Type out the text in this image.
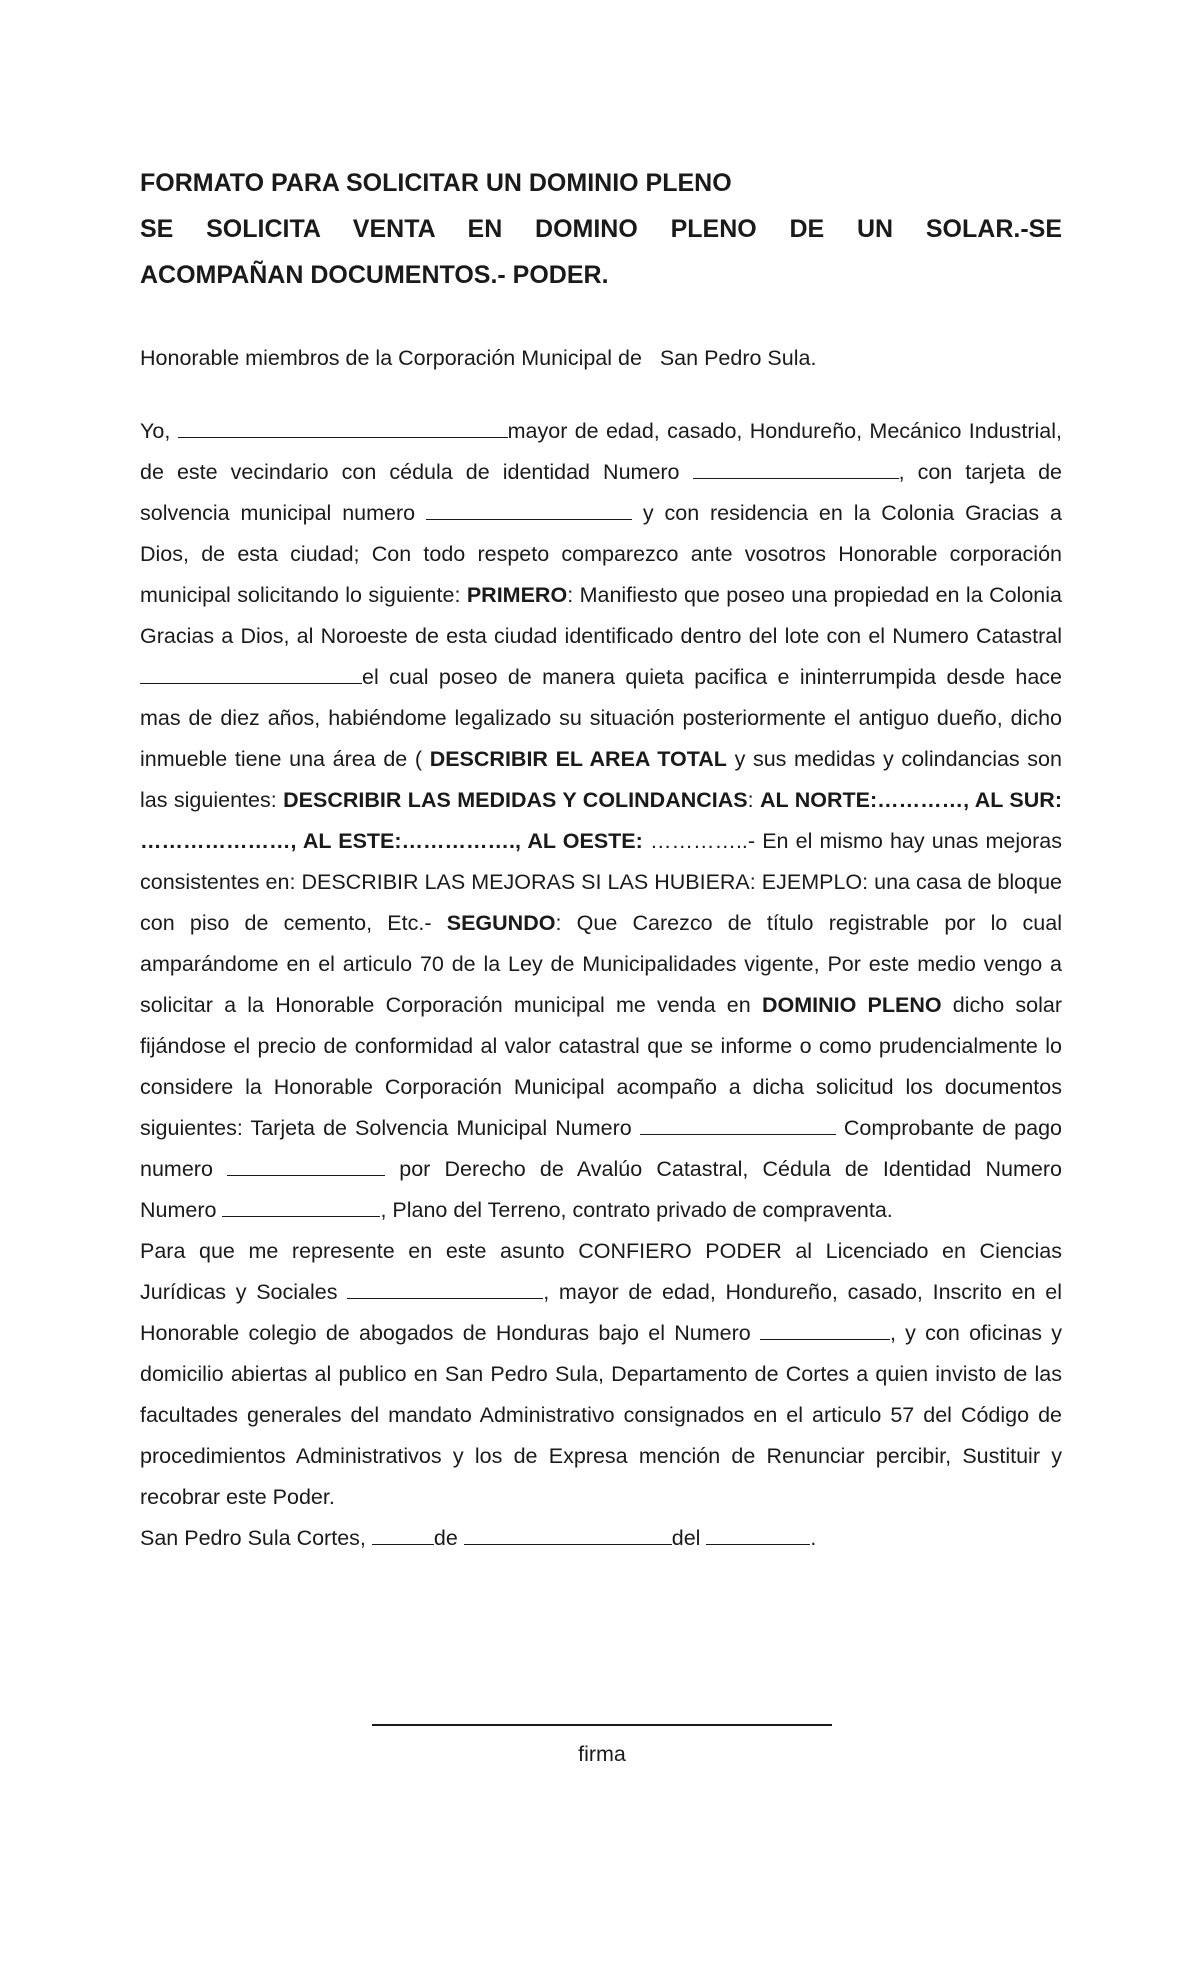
FORMATO PARA SOLICITAR UN DOMINIO PLENO

SE SOLICITA VENTA EN DOMINO PLENO DE UN SOLAR.-SE
ACOMPAÑAN DOCUMENTOS.- PODER.

Honorable miembros de la Corporación Municipal de   San Pedro Sula.

Yo,	mayor de edad, casado, Hondureño, Mecánico Industrial, de este vecindario con cédula de identidad Numero	, con tarjeta de solvencia municipal numero	y con residencia en la Colonia Gracias a Dios, de esta ciudad; Con todo respeto comparezco ante vosotros Honorable corporación municipal solicitando lo siguiente: PRIMERO: Manifiesto que poseo una propiedad en la Colonia Gracias a Dios, al Noroeste de esta ciudad identificado dentro del lote con el Numero Catastral el cual poseo de manera quieta pacifica e ininterrumpida desde hace mas de diez años, habiéndome legalizado su situación posteriormente el antiguo dueño, dicho inmueble tiene una área de ( DESCRIBIR EL AREA TOTAL y sus medidas y colindancias son las siguientes: DESCRIBIR LAS MEDIDAS Y COLINDANCIAS: AL NORTE:…………, AL SUR: …………………, AL ESTE:……………., AL OESTE: …………..- En el mismo hay unas mejoras consistentes en: DESCRIBIR LAS MEJORAS SI LAS HUBIERA: EJEMPLO: una casa de bloque con piso de cemento, Etc.- SEGUNDO: Que Carezco de título registrable por lo cual amparándome en el articulo 70 de la Ley de Municipalidades vigente, Por este medio vengo a solicitar a la Honorable Corporación municipal me venda en DOMINIO PLENO dicho solar fijándose el precio de conformidad al valor catastral que se informe o como prudencialmente lo considere la Honorable Corporación Municipal acompaño a dicha solicitud los documentos siguientes: Tarjeta de Solvencia Municipal Numero	Comprobante de pago numero	por Derecho de Avalúo Catastral, Cédula de Identidad Numero Numero	, Plano del Terreno, contrato privado de compraventa.

Para que me represente en este asunto CONFIERO PODER al Licenciado en Ciencias Jurídicas y Sociales	, mayor de edad, Hondureño, casado, Inscrito en el Honorable colegio de abogados de Honduras bajo el Numero	, y con oficinas y domicilio abiertas al publico en San Pedro Sula, Departamento de Cortes a quien invisto de las facultades generales del mandato Administrativo consignados en el articulo 57 del Código de procedimientos Administrativos y los de Expresa mención de Renunciar percibir, Sustituir y recobrar este Poder.

San Pedro Sula Cortes,	de	del	.

firma
